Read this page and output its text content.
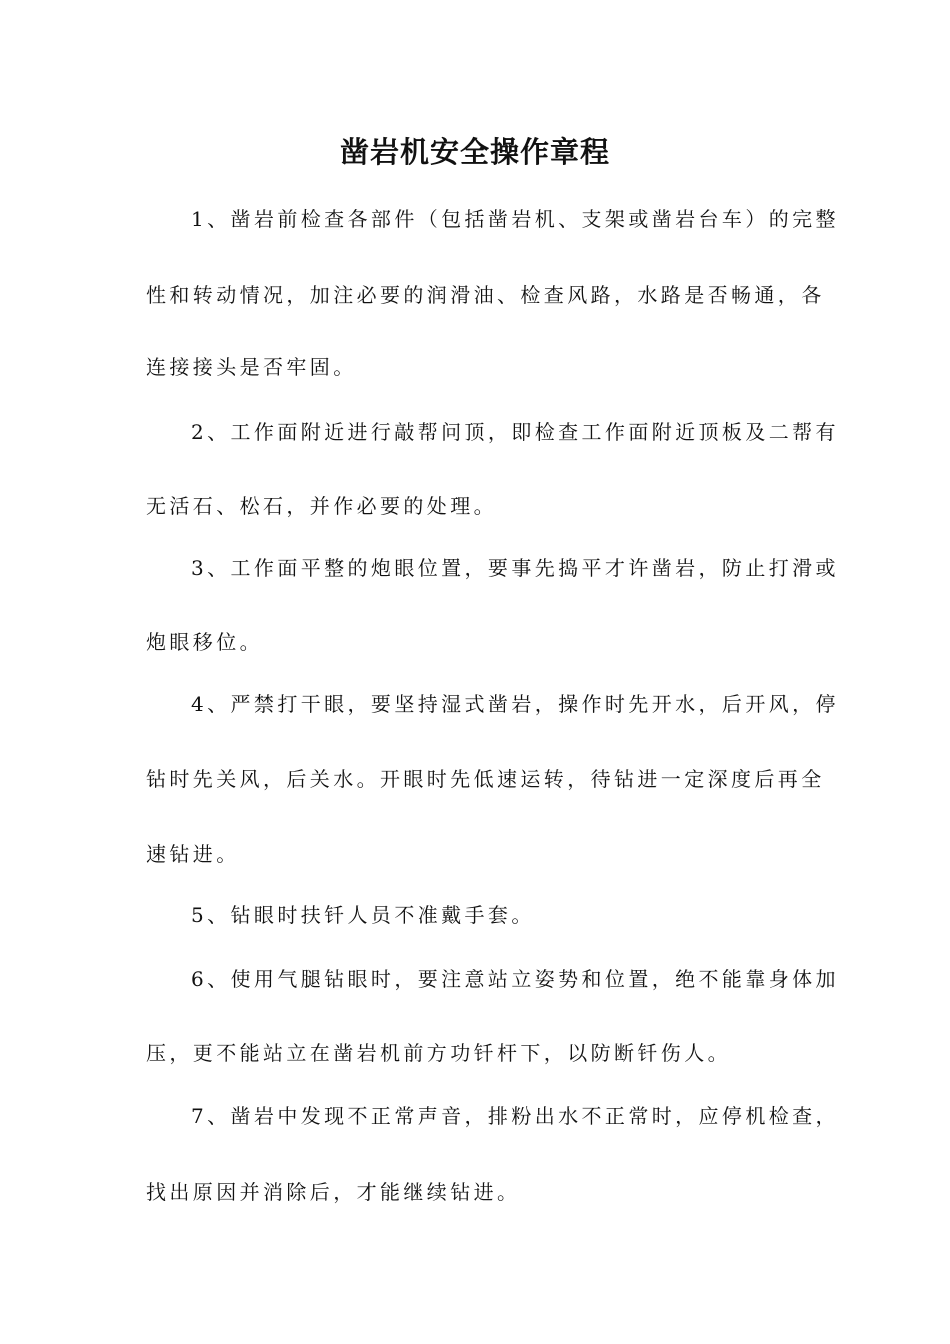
凿岩机安全操作章程
1、凿岩前检查各部件（包括凿岩机、支架或凿岩台车）的完整
性和转动情况，加注必要的润滑油、检查风路，水路是否畅通，各
连接接头是否牢固。
2、工作面附近进行敲帮问顶，即检查工作面附近顶板及二帮有
无活石、松石，并作必要的处理。
3、工作面平整的炮眼位置，要事先捣平才许凿岩，防止打滑或
炮眼移位。
4、严禁打干眼，要坚持湿式凿岩，操作时先开水，后开风，停
钻时先关风，后关水。开眼时先低速运转，待钻进一定深度后再全
速钻进。
5、钻眼时扶钎人员不准戴手套。
6、使用气腿钻眼时，要注意站立姿势和位置，绝不能靠身体加
压，更不能站立在凿岩机前方功钎杆下，以防断钎伤人。
7、凿岩中发现不正常声音，排粉出水不正常时，应停机检查，
找出原因并消除后，才能继续钻进。
